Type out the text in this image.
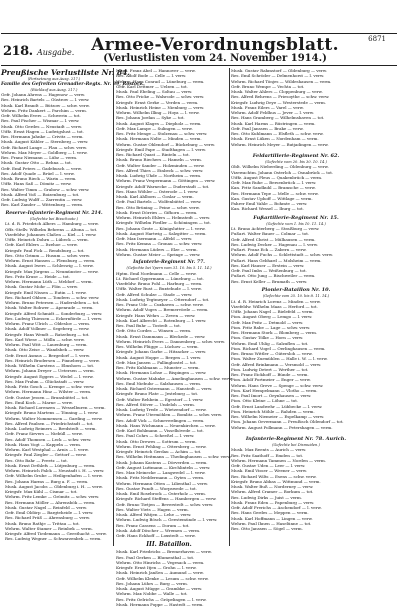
218. Ausgabe. Armee-Verordnungsblatt.
(Verlustlisten vom 24. November 1914.)
6871
Preußische Verlustliste Nr. 84.
(Fortsetzung aus Ausg. 217.)
Familie des Gefreiten Grenadier-Regts. Nr. 89, Rostock.
(Rücklauf aus Ausg. 217.)
Gefr. Johann Ahrens — Hagenow — verw.
Res. Heinrich Bartels — Güstrow — l. verw.
Musk. Karl Brandt — Bützow — schw. verw.
Wehrm. Fritz Dankert — Parchim — verm.
Gefr. Wilhelm Evers — Schwerin — tot.
Res. Paul Fischer — Wismar — l. verw.
Musk. Otto Gerdes — Neustadt — verw.
Utffz. Ernst Hagen — Ludwigslust — tot.
Res. Hermann Jahnke — Crivitz — verm.
Musk. August Kähler — Sternberg — verw.
Gefr. Richard Lange — Plau — schw. verw.
Wehrm. Max Meyer — Goldberg — l. verw.
Res. Franz Niemann — Lübz — verm.
Musk. Gustav Otto — Rehna — tot.
Gefr. Emil Peters — Gadebusch — verw.
Res. Adolf Quade — Brüel — l. verw.
Musk. Bruno Rieck — Warin — verm.
Utffz. Hans Saß — Dömitz — verw.
Res. Walter Timm — Grabow — schw. verw.
Musk. Alfred Voß — Boizenburg — tot.
Gefr. Ludwig Wulff — Zarrentin — verw.
Res. Karl Zander — Wittenburg — verm.
Reserve-Infanterie-Regiment Nr. 214.
(Gefechte bei Bixschoote.)
Lt. d. R. Friedrich Albers — Hamburg — verw.
Offz.-Stellv. Wilhelm Behrens — Altona — tot.
Vizefeldw. Johannes Claßen — Kiel — l. verw.
Utffz. Heinrich Dohrn — Lübeck — verm.
Gefr. Karl Ehlers — Itzehoe — verw.
Kriegsfr. Paul Fick — Rendsburg — tot.
Res. Otto Grimm — Husum — schw. verw.
Wehrm. Ernst Hansen — Flensburg — verm.
Musk. August Iwers — Schleswig — l. verw.
Kriegsfr. Max Jürgens — Neumünster — verw.
Res. Fritz Kruse — Heide — tot.
Wehrm. Hermann Lüth — Meldorf — verm.
Musk. Gustav Mohr — Plön — verw.
Kriegsfr. Emil Nissen — Eutin — l. verw.
Res. Richard Ohlsen — Tondern — schw. verw.
Wehrm. Bruno Petersen — Hadersleben — tot.
Musk. Walter Rohwer — Apenrade — verm.
Kriegsfr. Alfred Schmidt — Sonderburg — verw.
Res. Ludwig Thiessen — Eckernförde — l. verw.
Wehrm. Franz Ulrich — Oldesloe — verm.
Musk. Adolf Vollmer — Segeberg — verw.
Kriegsfr. Hans Wendt — Ratzeburg — tot.
Res. Karl Wiese — Mölln — schw. verw.
Wehrm. Paul Witt — Lauenburg — verm.
Musk. Otto Zeise — Wandsbek — verw.
Gefr. Ernst Asmus — Bergedorf — l. verw.
Res. Heinrich Brodersen — Pinneberg — verw.
Musk. Wilhelm Carstens — Elmshorn — tot.
Wehrm. Johann Dreyer — Uetersen — verm.
Kriegsfr. August Eggers — Wedel — l. verw.
Res. Max Frahm — Glückstadt — verw.
Musk. Fritz Gosch — Krempe — schw. verw.
Wehrm. Hermann Hinz — Wilster — verm.
Gefr. Gustav Jessen — Brunsbüttel — tot.
Res. Emil Koch — Marne — verw.
Musk. Richard Lorenzen — Wesselburen — verm.
Kriegsfr. Bruno Martens — Tönning — l. verw.
Wehrm. Walter Nommensen — Garding — verw.
Res. Alfred Paulsen — Friedrichstadt — tot.
Musk. Ludwig Reimers — Bredstedt — verm.
Gefr. Franz Sievers — Niebüll — verw.
Res. Adolf Thomsen — Leck — schw. verw.
Musk. Hans Vogt — Kappeln — verm.
Wehrm. Karl Westphal — Arnis — l. verw.
Kriegsfr. Paul Ziegler — Gettorf — verw.
Res. Otto Bahr — Preetz — tot.
Musk. Ernst Dethlefs — Lütjenburg — verm.
Wehrm. Heinrich Falck — Neustadt i. H. — verw.
Gefr. Wilhelm Grube — Heiligenhafen — l. verw.
Res. Johann Harms — Burg a. F. — verm.
Musk. August Jacobs — Oldenburg i. H. — verw.
Kriegsfr. Max Kühl — Cismar — tot.
Wehrm. Fritz Lemke — Grömitz — schw. verw.
Res. Hermann Möller — Ahrensbök — verm.
Musk. Gustav Nagel — Reinfeld — verw.
Gefr. Emil Oldörp — Bargteheide — l. verw.
Res. Richard Prüß — Ahrensburg — verw.
Musk. Bruno Rathje — Trittau — tot.
Wehrm. Walter Stamer — Reinbek — verm.
Kriegsfr. Alfred Tiedemann — Geesthacht — verw.
Res. Ludwig Wegner — Schwarzenbek — verm.
Musk. Franz Abel — Hannover — verw.
Res. Adolf Bode — Celle — l. verw.
Wehrm. Hans Conrad — Lüneburg — verm.
Gefr. Karl Dettmer — Uelzen — tot.
Musk. Paul Ebeling — Soltau — verw.
Res. Otto Fricke — Walsrode — schw. verw.
Kriegsfr. Ernst Gerke — Verden — verm.
Musk. Heinrich Heine — Nienburg — verw.
Wehrm. Wilhelm Illing — Hoya — l. verw.
Res. Johann Jordan — Syke — tot.
Musk. August Klages — Diepholz — verm.
Gefr. Max Lampe — Sulingen — verw.
Res. Fritz Menge — Stolzenau — schw. verw.
Musk. Hermann Nolte — Minden — verm.
Wehrm. Gustav Ohlendorf — Bückeburg — verw.
Kriegsfr. Emil Pape — Stadthagen — l. verw.
Res. Richard Quast — Rinteln — tot.
Musk. Bruno Riechers — Hameln — verm.
Gefr. Walter Sander — Holzminden — verw.
Res. Alfred Thies — Einbeck — schw. verw.
Musk. Ludwig Uhde — Northeim — verm.
Wehrm. Franz Vespermann — Göttingen — verw.
Kriegsfr. Adolf Warnecke — Duderstadt — tot.
Res. Hans Wöhler — Osterode — l. verw.
Musk. Karl Ahlborn — Goslar — verm.
Gefr. Paul Bartels — Wolfenbüttel — verw.
Res. Otto Brüning — Peine — schw. verw.
Musk. Ernst Dörries — Gifhorn — verm.
Wehrm. Heinrich Ehlers — Helmstedt — verw.
Kriegsfr. Wilhelm Fiedler — Schöningen — tot.
Res. Johann Grote — Königslutter — l. verw.
Musk. August Hartwig — Salzgitter — verm.
Gefr. Max Isermann — Alfeld — verw.
Res. Fritz Kemna — Gronau — schw. verw.
Musk. Hermann Lüders — Elze — verm.
Wehrm. Gustav Meier — Springe — verw.
Infanterie-Regiment Nr. 77.
(Gefechte bei Ypern vom 31. 10. bis 5. 11. 14.)
Hptm. Emil Nordmann — Celle — verw.
Lt. Richard Oppermann — Lüneburg — tot.
Vizefeldw. Bruno Pohl — Harburg — verm.
Utffz. Walter Rust — Buxtehude — l. verw.
Gefr. Alfred Schulze — Stade — verw.
Musk. Ludwig Tegtmeyer — Otterndorf — tot.
Res. Franz Ude — Cuxhaven — schw. verw.
Wehrm. Adolf Voges — Bremervörde — verm.
Kriegsfr. Hans Wehrs — Zeven — verw.
Musk. Karl Albrecht — Rotenburg — l. verw.
Res. Paul Buhr — Tostedt — tot.
Gefr. Otto Cordes — Winsen — verm.
Musk. Ernst Dammann — Bleckede — verw.
Wehrm. Heinrich Evers — Dannenberg — schw. verw.
Res. Wilhelm Flügge — Lüchow — verm.
Kriegsfr. Johann Garbe — Hitzacker — verw.
Musk. August Hoppe — Bergen — l. verw.
Gefr. Max Jansen — Fallingbostel — tot.
Res. Fritz Kuhlmann — Munster — verm.
Musk. Hermann Lohse — Bispingen — verw.
Wehrm. Gustav Mahnke — Amelinghausen — schw. verw.
Res. Emil Niebuhr — Salzhausen — verm.
Musk. Richard Ostermann — Hanstedt — verw.
Kriegsfr. Bruno Plate — Jesteburg — tot.
Gefr. Walter Rehbein — Egestorf — l. verw.
Res. Alfred Stöver — Undeloh — verm.
Musk. Ludwig Trede — Wietzendorf — verw.
Wehrm. Franz Utermöhlen — Bomlitz — schw. verw.
Res. Adolf Vick — Schneverdingen — verm.
Musk. Hans Wichmann — Neuenkirchen — verw.
Gefr. Karl Bohlmann — Visselhövede — tot.
Res. Paul Cohrs — Scheeßel — l. verw.
Musk. Otto Drewes — Sottrum — verm.
Wehrm. Ernst Fehling — Ottersberg — verw.
Kriegsfr. Heinrich Gerdau — Achim — tot.
Res. Wilhelm Heitmann — Thedinghausen — schw. verw.
Musk. Johann Kastens — Dörverden — verm.
Gefr. August Luttmann — Kirchlinteln — verw.
Res. Max Meinecke — Langwedel — l. verw.
Musk. Fritz Neddermann — Oyten — verm.
Wehrm. Hermann Otten — Lilienthal — verw.
Res. Gustav Pundt — Worpswede — tot.
Musk. Emil Rosebrock — Osterholz — verm.
Kriegsfr. Richard Steffens — Hambergen — verw.
Gefr. Bruno Tietjen — Beverstedt — schw. verw.
Res. Walter Viets — Hagen — verm.
Musk. Alfred Wätjen — Lehe — verw.
Wehrm. Ludwig Bösch — Geestemünde — l. verw.
Res. Franz Cassens — Dorum — tot.
Musk. Adolf Döscher — Wremen — verm.
Gefr. Hans Eckhoff — Loxstedt — verw.
III. Bataillon.
Musk. Karl Friedrichs — Bremerhaven — verw.
Res. Paul Gerken — Blumenthal — tot.
Wehrm. Otto Hinrichs — Vegesack — verm.
Kriegsfr. Ernst Itjen — Grohn — l. verw.
Musk. Heinrich Janßen — Aumund — verw.
Gefr. Wilhelm Klenke — Lesum — schw. verw.
Res. Johann Lührs — Burg — verm.
Musk. August Mügge — Grambke — verw.
Wehrm. Max Nobbe — Walle — tot.
Res. Fritz Oelrichs — Gröpelingen — l. verw.
Musk. Hermann Poppe — Hastedt — verm.
Musk. Gustav Rahmstorf — Oldenburg — verw.
Res. Emil Schröder — Delmenhorst — l. verw.
Wehrm. Richard Tönjes — Wildeshausen — verm.
Gefr. Bruno Wempe — Vechta — tot.
Musk. Walter Ahlers — Cloppenburg — verw.
Res. Alfred Behrens — Friesoythe — schw. verw.
Kriegsfr. Ludwig Deye — Westerstede — verm.
Musk. Franz Eilers — Varel — verw.
Wehrm. Adolf Feldhus — Jever — l. verw.
Res. Hans Gramberg — Wilhelmshaven — tot.
Musk. Karl Harms — Rüstringen — verm.
Gefr. Paul Janssen — Brake — verw.
Res. Otto Kuhlmann — Elsfleth — schw. verw.
Musk. Ernst Lüken — Nordenham — verm.
Wehrm. Heinrich Meyer — Butjadingen — verw.
Feldartillerie-Regiment Nr. 62.
(Gefechte vom 20. bis 30. 10. 14.)
Oblt. Wilhelm Nieberding — Oldenburg — verw.
Vizewachtm. Johann Osterloh — Osnabrück — tot.
Utffz. August Pleus — Quakenbrück — verm.
Gefr. Max Ruhe — Bersenbrück — l. verw.
Kan. Fritz Sandkuhl — Bramsche — verw.
Res. Hermann Tepe — Melle — schw. verw.
Kan. Gustav Uphoff — Wittlage — verm.
Fahrer Emil Vahle — Bohmte — verw.
Kan. Richard Wessel — Iburg — tot.
Fußartillerie-Regiment Nr. 15.
(Gefechte vom 1. bis 10. 11. 14.)
Lt. Bruno Achterberg — Straßburg — verw.
Fußart. Walter Bauer — Colmar — tot.
Gefr. Alfred Christ — Mülhausen — verm.
Res. Ludwig Decker — Hagenau — l. verw.
Fußart. Franz Eck — Zabern — verw.
Wehrm. Adolf Fuchs — Schlettstadt — schw. verw.
Fußart. Hans Gebhard — Molsheim — verm.
Res. Karl Hauser — Erstein — verw.
Gefr. Paul Imbs — Weißenburg — tot.
Fußart. Otto Jung — Bischweiler — verm.
Res. Ernst Keller — Brumath — verw.
Pionier-Bataillon Nr. 10.
(Gefechte vom 25. 10. bis 8. 11. 14.)
Lt. d. R. Heinrich Lorenz — Minden — verw.
Vizefeldw. Wilhelm Maas — Herford — tot.
Utffz. Johann Nagel — Bielefeld — verm.
Pion. August Oberg — Lemgo — l. verw.
Gefr. Max Peitz — Detmold — verw.
Pion. Fritz Rabe — Lage — schw. verw.
Res. Hermann Stork — Blomberg — verm.
Pion. Gustav Tölke — Horn — verw.
Wehrm. Emil Uhlig — Salzuflen — tot.
Pion. Richard Vogel — Oerlinghausen — verm.
Res. Bruno Wittler — Gütersloh — verw.
Pion. Walter Zurmühlen — Halle i. W. — l. verw.
Gefr. Alfred Brinkmann — Versmold — verw.
Pion. Ludwig Detert — Werther — tot.
Res. Franz Eickhoff — Bünde — verm.
Pion. Adolf Fortmeier — Enger — verw.
Wehrm. Hans Greve — Spenge — schw. verw.
Pion. Karl Hempelmann — Vlotho — verm.
Res. Paul Imort — Oeynhausen — verw.
Pion. Otto Kleine — Löhne — tot.
Gefr. Ernst Landwehr — Lübbecke — l. verw.
Pion. Heinrich Möhle — Rahden — verm.
Res. Wilhelm Niemeier — Espelkamp — verw.
Pion. Johann Oevermann — Preußisch Oldendorf — tot.
Wehrm. August Pollmann — Petershagen — verm.
Infanterie-Regiment Nr. 78. Aurich.
(Gefechte bei Dixmuiden.)
Musk. Max Reents — Aurich — verw.
Res. Fritz Saathoff — Emden — tot.
Wehrm. Hermann Tammen — Norden — verm.
Gefr. Gustav Uden — Leer — l. verw.
Musk. Emil Visser — Weener — verw.
Res. Richard Wilts — Esens — schw. verw.
Kriegsfr. Bruno Abbas — Wittmund — verm.
Musk. Walter Buß — Norderney — verw.
Wehrm. Alfred Cramer — Borkum — tot.
Res. Ludwig Dirks — Juist — verm.
Musk. Franz Eden — Papenburg — verw.
Gefr. Adolf Frerichs — Aschendorf — l. verw.
Res. Hans Gerdes — Meppen — verm.
Musk. Karl Hoffmann — Lingen — verw.
Wehrm. Paul Ihnen — Haselünne — tot.
Res. Otto Janssen — Sögel — verm.
